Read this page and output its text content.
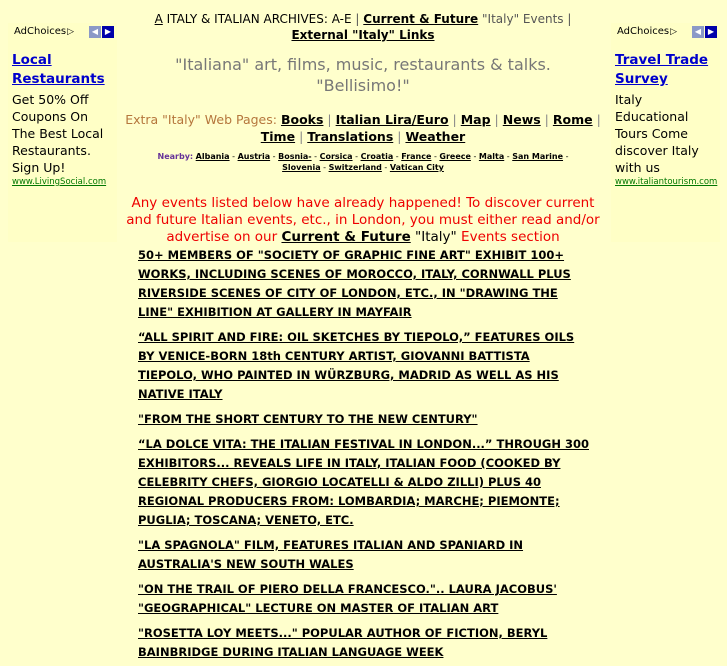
AdChoices▷	◀ ▶
Local Restaurants
Get 50% Off Coupons On The Best Local Restaurants. Sign Up!
www.LivingSocial.com
AdChoices▷	◀ ▶
Travel Trade Survey
Italy Educational Tours Come discover Italy with us
www.italiantourism.com
A ITALY & ITALIAN ARCHIVES: A-E | Current & Future "Italy" Events |
External "Italy" Links
"Italiana" art, films, music, restaurants & talks.
"Bellisimo!"
Extra "Italy" Web Pages: Books | Italian Lira/Euro | Map | News | Rome |
Time | Translations | Weather
Nearby: Albania - Austria - Bosnia- - Corsica - Croatia - France - Greece - Malta - San Marine -
Slovenia - Switzerland - Vatican City
Any events listed below have already happened! To discover current and future Italian events, etc., in London, you must either read and/or advertise on our Current & Future "Italy" Events section
50+ MEMBERS OF "SOCIETY OF GRAPHIC FINE ART" EXHIBIT 100+ WORKS, INCLUDING SCENES OF MOROCCO, ITALY, CORNWALL PLUS RIVERSIDE SCENES OF CITY OF LONDON, ETC., IN "DRAWING THE LINE" EXHIBITION AT GALLERY IN MAYFAIR
“ALL SPIRIT AND FIRE: OIL SKETCHES BY TIEPOLO,” FEATURES OILS BY VENICE-BORN 18th CENTURY ARTIST, GIOVANNI BATTISTA TIEPOLO, WHO PAINTED IN WÜRZBURG, MADRID AS WELL AS HIS NATIVE ITALY
"FROM THE SHORT CENTURY TO THE NEW CENTURY"
“LA DOLCE VITA: THE ITALIAN FESTIVAL IN LONDON...” THROUGH 300 EXHIBITORS... REVEALS LIFE IN ITALY, ITALIAN FOOD (COOKED BY CELEBRITY CHEFS, GIORGIO LOCATELLI & ALDO ZILLI) PLUS 40 REGIONAL PRODUCERS FROM: LOMBARDIA; MARCHE; PIEMONTE; PUGLIA; TOSCANA; VENETO, ETC.
"LA SPAGNOLA" FILM, FEATURES ITALIAN AND SPANIARD IN AUSTRALIA'S NEW SOUTH WALES
"ON THE TRAIL OF PIERO DELLA FRANCESCO.".. LAURA JACOBUS' "GEOGRAPHICAL" LECTURE ON MASTER OF ITALIAN ART
"ROSETTA LOY MEETS..." POPULAR AUTHOR OF FICTION, BERYL BAINBRIDGE DURING ITALIAN LANGUAGE WEEK
